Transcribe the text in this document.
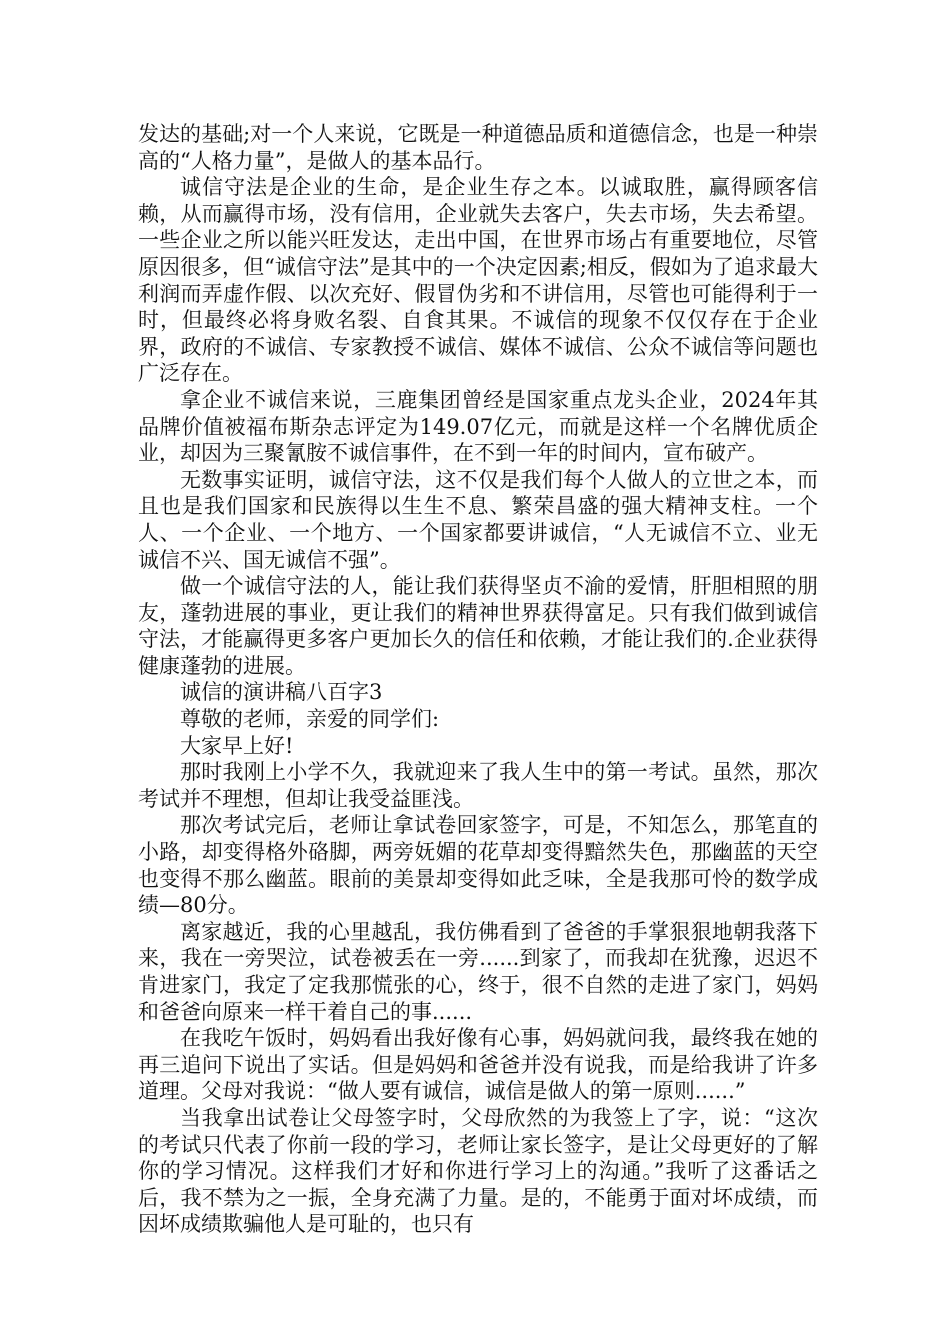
发达的基础;对一个人来说，它既是一种道德品质和道德信念，也是一种崇高的“人格力量”，是做人的基本品行。

诚信守法是企业的生命，是企业生存之本。以诚取胜，赢得顾客信赖，从而赢得市场，没有信用，企业就失去客户，失去市场，失去希望。一些企业之所以能兴旺发达，走出中国，在世界市场占有重要地位，尽管原因很多，但“诚信守法”是其中的一个决定因素;相反，假如为了追求最大利润而弄虚作假、以次充好、假冒伪劣和不讲信用，尽管也可能得利于一时，但最终必将身败名裂、自食其果。不诚信的现象不仅仅存在于企业界，政府的不诚信、专家教授不诚信、媒体不诚信、公众不诚信等问题也广泛存在。

拿企业不诚信来说，三鹿集团曾经是国家重点龙头企业，2024年其品牌价值被福布斯杂志评定为149.07亿元，而就是这样一个名牌优质企业，却因为三聚氰胺不诚信事件，在不到一年的时间内，宣布破产。

无数事实证明，诚信守法，这不仅是我们每个人做人的立世之本，而且也是我们国家和民族得以生生不息、繁荣昌盛的强大精神支柱。一个人、一个企业、一个地方、一个国家都要讲诚信，“人无诚信不立、业无诚信不兴、国无诚信不强”。

做一个诚信守法的人，能让我们获得坚贞不渝的爱情，肝胆相照的朋友，蓬勃进展的事业，更让我们的精神世界获得富足。只有我们做到诚信守法，才能赢得更多客户更加长久的信任和依赖，才能让我们的.企业获得健康蓬勃的进展。

诚信的演讲稿八百字3

尊敬的老师，亲爱的同学们:

大家早上好!

那时我刚上小学不久，我就迎来了我人生中的第一考试。虽然，那次考试并不理想，但却让我受益匪浅。

那次考试完后，老师让拿试卷回家签字，可是，不知怎么，那笔直的小路，却变得格外硌脚，两旁妩媚的花草却变得黯然失色，那幽蓝的天空也变得不那么幽蓝。眼前的美景却变得如此乏味，全是我那可怜的数学成绩—80分。

离家越近，我的心里越乱，我仿佛看到了爸爸的手掌狠狠地朝我落下来，我在一旁哭泣，试卷被丢在一旁......到家了，而我却在犹豫，迟迟不肯进家门，我定了定我那慌张的心，终于，很不自然的走进了家门，妈妈和爸爸向原来一样干着自己的事......

在我吃午饭时，妈妈看出我好像有心事，妈妈就问我，最终我在她的再三追问下说出了实话。但是妈妈和爸爸并没有说我，而是给我讲了许多道理。父母对我说：“做人要有诚信，诚信是做人的第一原则......”

当我拿出试卷让父母签字时，父母欣然的为我签上了字，说：“这次的考试只代表了你前一段的学习，老师让家长签字，是让父母更好的了解你的学习情况。这样我们才好和你进行学习上的沟通。”我听了这番话之后，我不禁为之一振，全身充满了力量。是的，不能勇于面对坏成绩，而因坏成绩欺骗他人是可耻的，也只有
